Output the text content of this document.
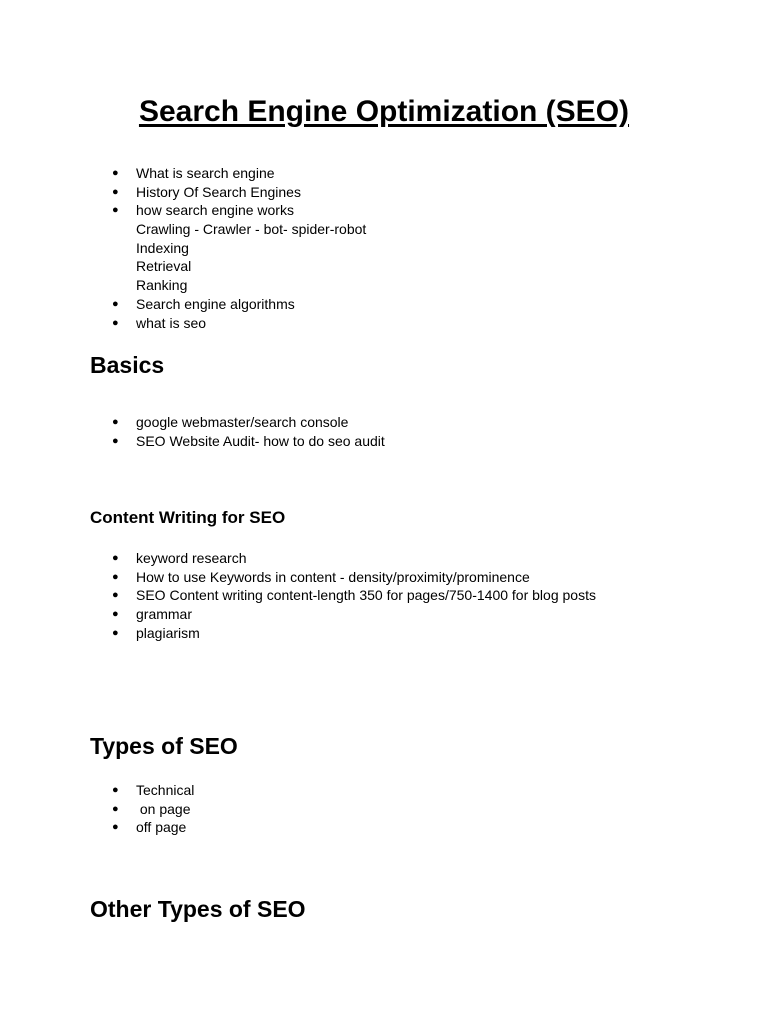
Search Engine Optimization (SEO)
● What is search engine
● History Of Search Engines
● how search engine works
Crawling - Crawler - bot- spider-robot
Indexing
Retrieval
Ranking
● Search engine algorithms
● what is seo
Basics
● google webmaster/search console
● SEO Website Audit- how to do seo audit
Content Writing for SEO
● keyword research
● How to use Keywords in content - density/proximity/prominence
● SEO Content writing content-length 350 for pages/750-1400 for blog posts
● grammar
● plagiarism
Types of SEO
● Technical
● on page
● off page
Other Types of SEO
